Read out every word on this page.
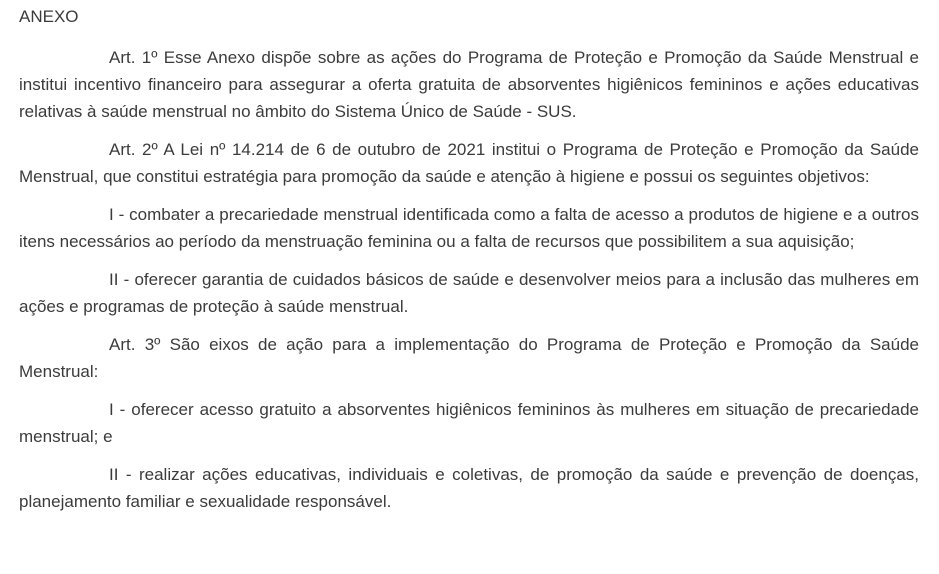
ANEXO

Art. 1º Esse Anexo dispõe sobre as ações do Programa de Proteção e Promoção da Saúde Menstrual e institui incentivo financeiro para assegurar a oferta gratuita de absorventes higiênicos femininos e ações educativas relativas à saúde menstrual no âmbito do Sistema Único de Saúde - SUS.

Art. 2º A Lei nº 14.214 de 6 de outubro de 2021 institui o Programa de Proteção e Promoção da Saúde Menstrual, que constitui estratégia para promoção da saúde e atenção à higiene e possui os seguintes objetivos:

I - combater a precariedade menstrual identificada como a falta de acesso a produtos de higiene e a outros itens necessários ao período da menstruação feminina ou a falta de recursos que possibilitem a sua aquisição;

II - oferecer garantia de cuidados básicos de saúde e desenvolver meios para a inclusão das mulheres em ações e programas de proteção à saúde menstrual.

Art. 3º São eixos de ação para a implementação do Programa de Proteção e Promoção da Saúde Menstrual:

I - oferecer acesso gratuito a absorventes higiênicos femininos às mulheres em situação de precariedade menstrual; e

II - realizar ações educativas, individuais e coletivas, de promoção da saúde e prevenção de doenças, planejamento familiar e sexualidade responsável.
